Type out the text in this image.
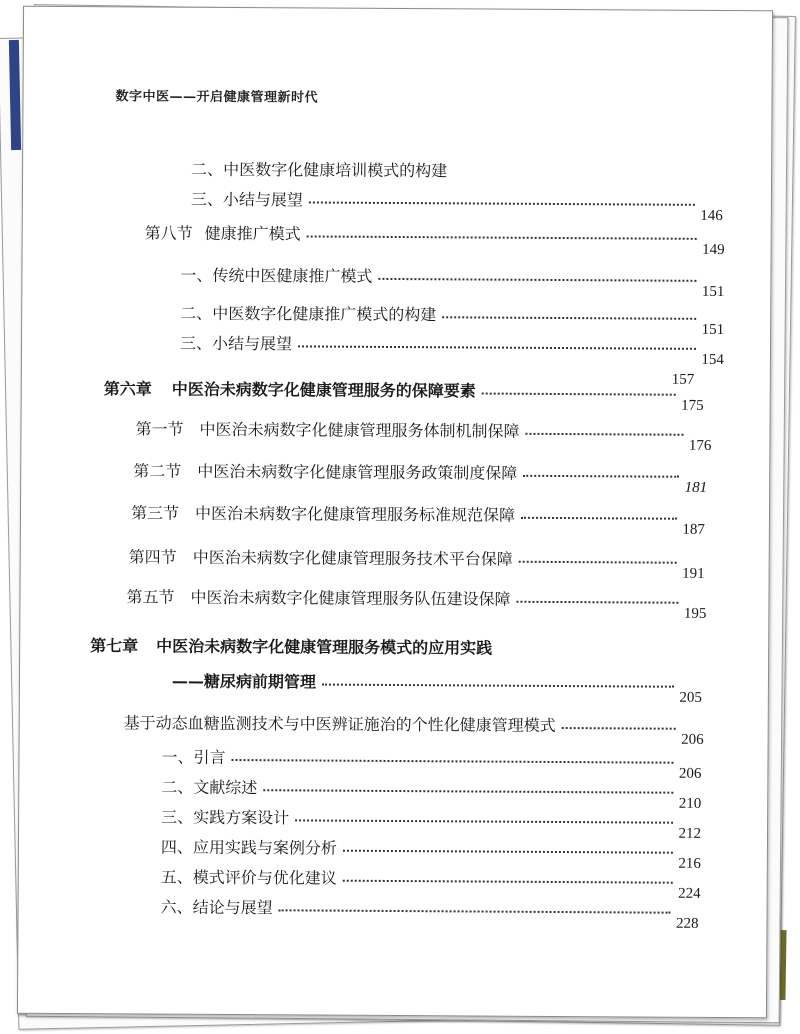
数字中医——开启健康管理新时代
二、 中医数字化健康培训模式的构建
三、 小结与展望
146
第八节 健康推广模式
149
一、 传统中医健康推广模式
151
二、 中医数字化健康推广模式的构建
151
三、 小结与展望
154
157
第六章 中医治未病数字化健康管理服务的保障要素
175
第一节 中医治未病数字化健康管理服务体制机制保障
176
第二节 中医治未病数字化健康管理服务政策制度保障
181
第三节 中医治未病数字化健康管理服务标准规范保障
187
第四节 中医治未病数字化健康管理服务技术平台保障
191
第五节 中医治未病数字化健康管理服务队伍建设保障
195
第七章 中医治未病数字化健康管理服务模式的应用实践
——糖尿病前期管理
205
基于动态血糖监测技术与中医辨证施治的个性化健康管理模式
206
一、 引言
206
二、 文献综述
210
三、 实践方案设计
212
四、 应用实践与案例分析
216
五、 模式评价与优化建议
224
六、 结论与展望
228
